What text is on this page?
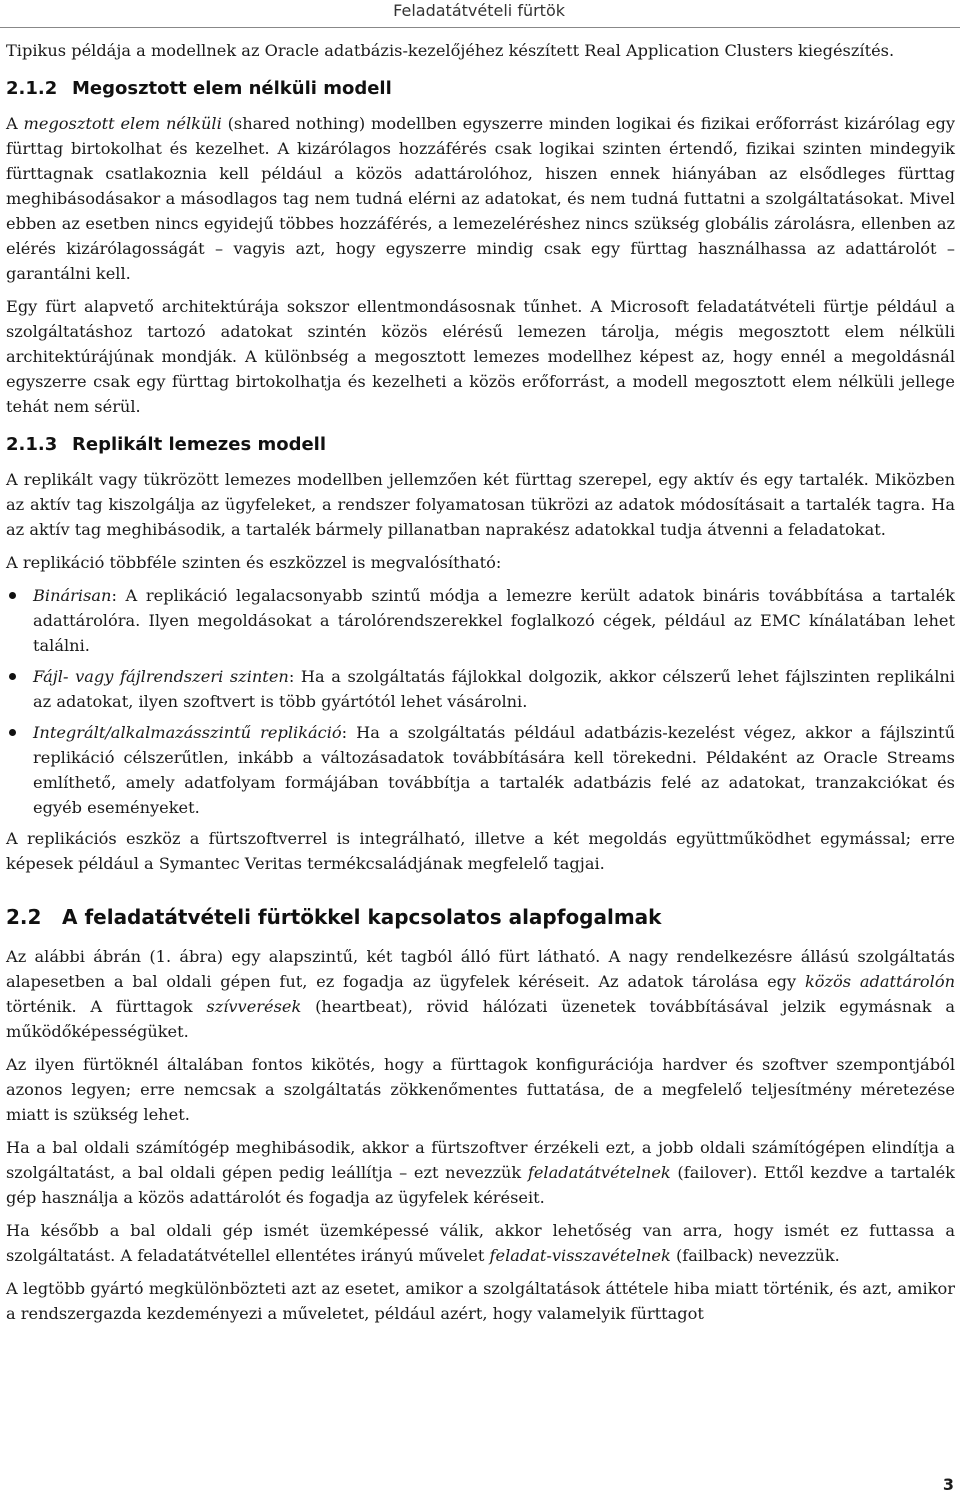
Feladatátvételi fürtök

Tipikus példája a modellnek az Oracle adatbázis-kezelőjéhez készített Real Application Clusters kiegészítés.

2.1.2 Megosztott elem nélküli modell

A megosztott elem nélküli (shared nothing) modellben egyszerre minden logikai és fizikai erőforrást kizárólag egy fürttag birtokolhat és kezelhet. A kizárólagos hozzáférés csak logikai szinten értendő, fizikai szinten mindegyik fürttagnak csatlakoznia kell például a közös adattárolóhoz, hiszen ennek hiányában az elsődleges fürttag meghibásodásakor a másodlagos tag nem tudná elérni az adatokat, és nem tudná futtatni a szolgáltatásokat. Mivel ebben az esetben nincs egyidejű többes hozzáférés, a lemezeléréshez nincs szükség globális zárolásra, ellenben az elérés kizárólagosságát – vagyis azt, hogy egyszerre mindig csak egy fürttag használhassa az adattárolót – garantálni kell.

Egy fürt alapvető architektúrája sokszor ellentmondásosnak tűnhet. A Microsoft feladatátvételi fürtje például a szolgáltatáshoz tartozó adatokat szintén közös elérésű lemezen tárolja, mégis megosztott elem nélküli architektúrájúnak mondják. A különbség a megosztott lemezes modellhez képest az, hogy ennél a megoldásnál egyszerre csak egy fürttag birtokolhatja és kezelheti a közös erőforrást, a modell megosztott elem nélküli jellege tehát nem sérül.

2.1.3 Replikált lemezes modell

A replikált vagy tükrözött lemezes modellben jellemzően két fürttag szerepel, egy aktív és egy tartalék. Miközben az aktív tag kiszolgálja az ügyfeleket, a rendszer folyamatosan tükrözi az adatok módosításait a tartalék tagra. Ha az aktív tag meghibásodik, a tartalék bármely pillanatban naprakész adatokkal tudja átvenni a feladatokat.

A replikáció többféle szinten és eszközzel is megvalósítható:

Binárisan: A replikáció legalacsonyabb szintű módja a lemezre került adatok bináris továbbítása a tartalék adattárolóra. Ilyen megoldásokat a tárolórendszerekkel foglalkozó cégek, például az EMC kínálatában lehet találni.
Fájl- vagy fájlrendszeri szinten: Ha a szolgáltatás fájlokkal dolgozik, akkor célszerű lehet fájlszinten replikálni az adatokat, ilyen szoftvert is több gyártótól lehet vásárolni.
Integrált/alkalmazásszintű replikáció: Ha a szolgáltatás például adatbázis-kezelést végez, akkor a fájlszintű replikáció célszerűtlen, inkább a változásadatok továbbítására kell törekedni. Példaként az Oracle Streams említhető, amely adatfolyam formájában továbbítja a tartalék adatbázis felé az adatokat, tranzakciókat és egyéb eseményeket.

A replikációs eszköz a fürtszoftverrel is integrálható, illetve a két megoldás együttműködhet egymással; erre képesek például a Symantec Veritas termékcsaládjának megfelelő tagjai.

2.2 A feladatátvételi fürtökkel kapcsolatos alapfogalmak

Az alábbi ábrán (1. ábra) egy alapszintű, két tagból álló fürt látható. A nagy rendelkezésre állású szolgáltatás alapesetben a bal oldali gépen fut, ez fogadja az ügyfelek kéréseit. Az adatok tárolása egy közös adattárolón történik. A fürttagok szívverések (heartbeat), rövid hálózati üzenetek továbbításával jelzik egymásnak a működőképességüket.

Az ilyen fürtöknél általában fontos kikötés, hogy a fürttagok konfigurációja hardver és szoftver szempontjából azonos legyen; erre nemcsak a szolgáltatás zökkenőmentes futtatása, de a megfelelő teljesítmény méretezése miatt is szükség lehet.

Ha a bal oldali számítógép meghibásodik, akkor a fürtszoftver érzékeli ezt, a jobb oldali számítógépen elindítja a szolgáltatást, a bal oldali gépen pedig leállítja – ezt nevezzük feladatátvételnek (failover). Ettől kezdve a tartalék gép használja a közös adattárolót és fogadja az ügyfelek kéréseit.

Ha később a bal oldali gép ismét üzemképessé válik, akkor lehetőség van arra, hogy ismét ez futtassa a szolgáltatást. A feladatátvétellel ellentétes irányú művelet feladat-visszavételnek (failback) nevezzük.

A legtöbb gyártó megkülönbözteti azt az esetet, amikor a szolgáltatások áttétele hiba miatt történik, és azt, amikor a rendszergazda kezdeményezi a műveletet, például azért, hogy valamelyik fürttagot

3
